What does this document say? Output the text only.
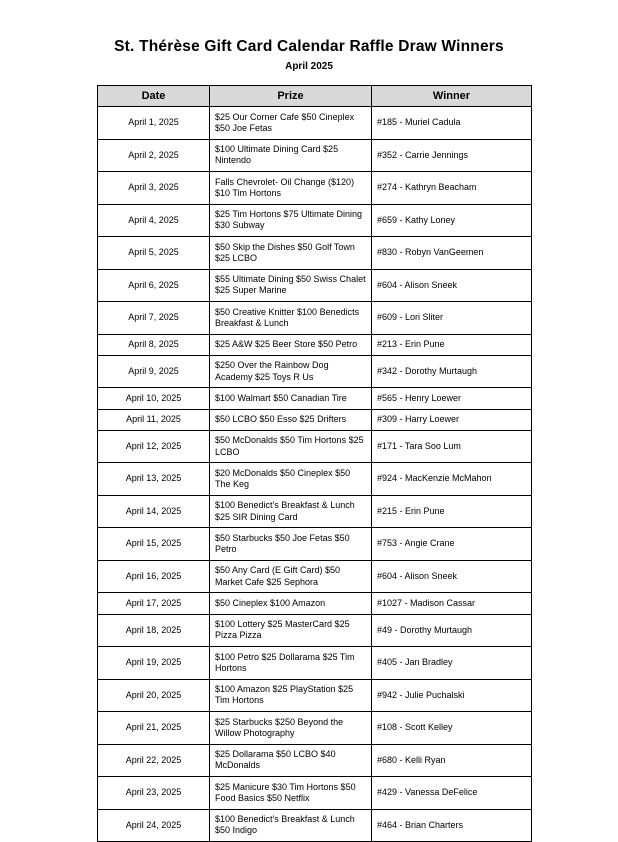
St. Thérèse Gift Card Calendar Raffle Draw Winners
April 2025
Date	Prize	Winner
April 1, 2025	$25 Our Corner Cafe $50 Cineplex $50 Joe Fetas	#185 - Muriel Cadula
April 2, 2025	$100 Ultimate Dining Card $25 Nintendo	#352 - Carrie Jennings
April 3, 2025	Falls Chevrolet- Oil Change ($120) $10 Tim Hortons	#274 - Kathryn Beacham
April 4, 2025	$25 Tim Hortons $75 Ultimate Dining $30 Subway	#659 - Kathy Loney
April 5, 2025	$50 Skip the Dishes $50 Golf Town $25 LCBO	#830 - Robyn VanGeemen
April 6, 2025	$55 Ultimate Dining $50 Swiss Chalet $25 Super Marine	#604 - Alison Sneek
April 7, 2025	$50 Creative Knitter $100 Benedicts Breakfast & Lunch	#609 - Lori Sliter
April 8, 2025	$25 A&W $25 Beer Store $50 Petro	#213 - Erin Pune
April 9, 2025	$250 Over the Rainbow Dog Academy $25 Toys R Us	#342 - Dorothy Murtaugh
April 10, 2025	$100 Walmart $50 Canadian Tire	#565 - Henry Loewer
April 11, 2025	$50 LCBO $50 Esso $25 Drifters	#309 - Harry Loewer
April 12, 2025	$50 McDonalds $50 Tim Hortons $25 LCBO	#171 - Tara Soo Lum
April 13, 2025	$20 McDonalds $50 Cineplex $50 The Keg	#924 - MacKenzie McMahon
April 14, 2025	$100 Benedict's Breakfast & Lunch $25 SIR Dining Card	#215 - Erin Pune
April 15, 2025	$50 Starbucks $50 Joe Fetas $50 Petro	#753 - Angie Crane
April 16, 2025	$50 Any Card (E Gift Card) $50 Market Cafe $25 Sephora	#604 - Alison Sneek
April 17, 2025	$50 Cineplex $100 Amazon	#1027 - Madison Cassar
April 18, 2025	$100 Lottery $25 MasterCard $25 Pizza Pizza	#49 - Dorothy Murtaugh
April 19, 2025	$100 Petro $25 Dollarama $25 Tim Hortons	#405 - Jan Bradley
April 20, 2025	$100 Amazon $25 PlayStation $25 Tim Hortons	#942 - Julie Puchalski
April 21, 2025	$25 Starbucks $250 Beyond the Willow Photography	#108 - Scott Kelley
April 22, 2025	$25 Dollarama $50 LCBO $40 McDonalds	#680 - Kelli Ryan
April 23, 2025	$25 Manicure $30 Tim Hortons $50 Food Basics $50 Netflix	#429 - Vanessa DeFelice
April 24, 2025	$100 Benedict's Breakfast & Lunch $50 Indigo	#464 - Brian Charters
